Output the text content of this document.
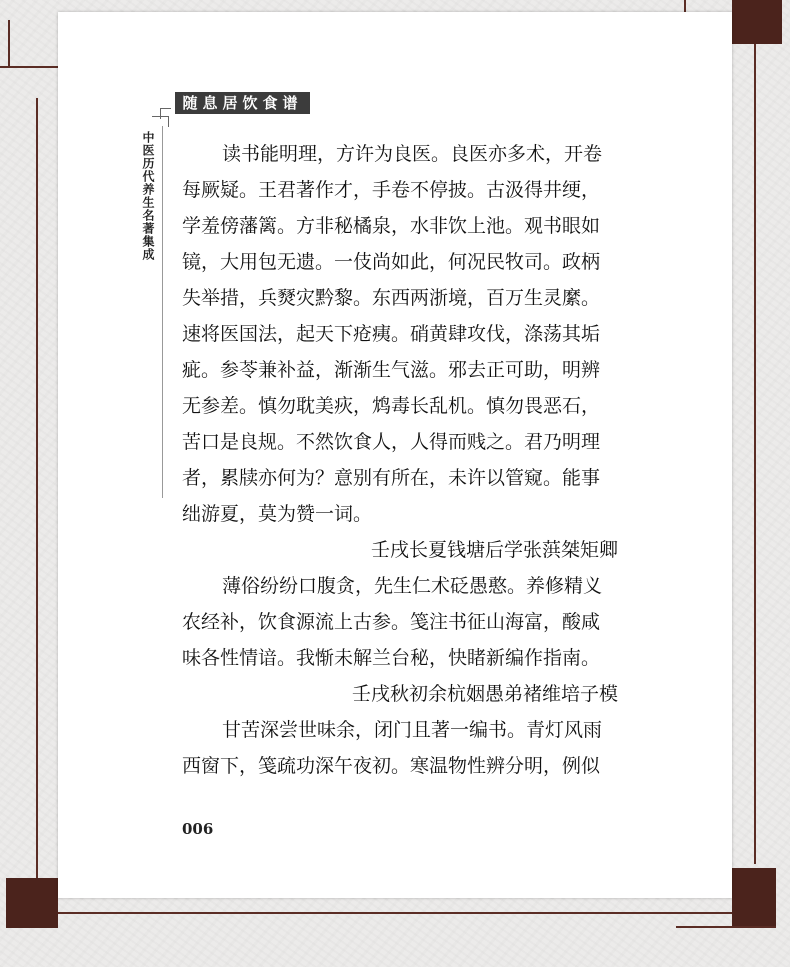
随息居饮食谱
中医历代养生名著集成	读书能明理，方许为良医。良医亦多术，开卷
每厥疑。王君著作才，手卷不停披。古汲得井绠，
学羞傍藩篱。方非秘橘泉，水非饮上池。观书眼如
镜，大用包无遗。一伎尚如此，何况民牧司。政柄
失举措，兵燹灾黔黎。东西两浙境，百万生灵縻。
速将医国法，起天下疮痍。硝黄肆攻伐，涤荡其垢
疵。参苓兼补益，渐渐生气滋。邪去正可助，明辨
无参差。慎勿耽美疢，鸩毒长乱机。慎勿畏恶石，
苦口是良规。不然饮食人，人得而贱之。君乃明理
者，累牍亦何为？意别有所在，未许以管窥。能事
绌游夏，莫为赞一词。
壬戌长夏钱塘后学张葓桀矩卿
薄俗纷纷口腹贪，先生仁术砭愚憨。养修精义
农经补，饮食源流上古参。笺注书征山海富，酸咸
味各性情谙。我惭未解兰台秘，快睹新编作指南。
壬戌秋初余杭姻愚弟褚维培子模
甘苦深尝世味余，闭门且著一编书。青灯风雨
西窗下，笺疏功深午夜初。寒温物性辨分明，例似
006
